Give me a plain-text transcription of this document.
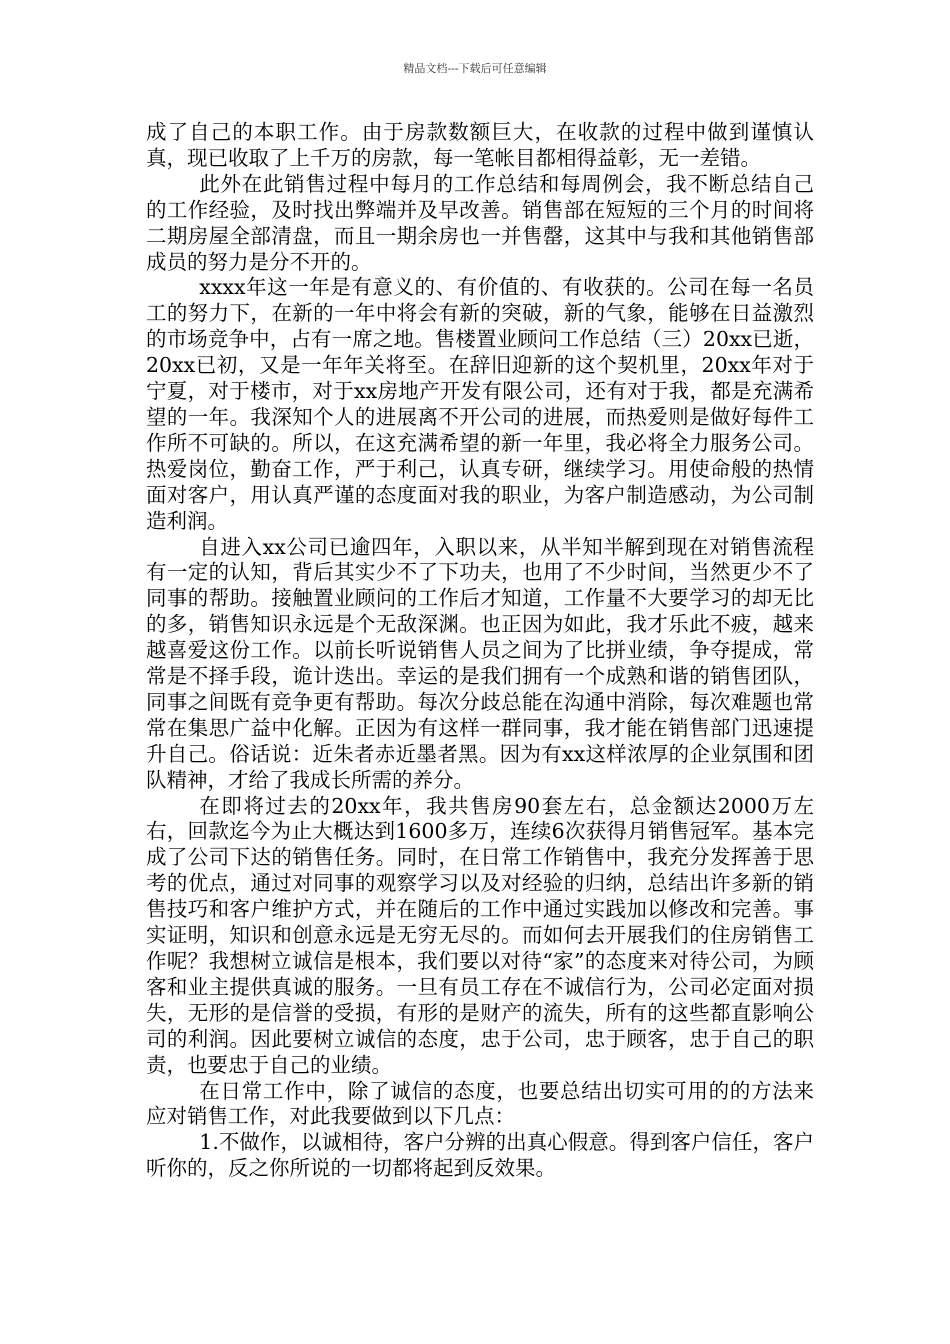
精品文档---下载后可任意编辑

成了自己的本职工作。由于房款数额巨大，在收款的过程中做到谨慎认真，现已收取了上千万的房款，每一笔帐目都相得益彰，无一差错。

此外在此销售过程中每月的工作总结和每周例会，我不断总结自己的工作经验，及时找出弊端并及早改善。销售部在短短的三个月的时间将二期房屋全部清盘，而且一期余房也一并售罄，这其中与我和其他销售部成员的努力是分不开的。

xxxx年这一年是有意义的、有价值的、有收获的。公司在每一名员工的努力下，在新的一年中将会有新的突破，新的气象，能够在日益激烈的市场竞争中，占有一席之地。售楼置业顾问工作总结（三）20xx已逝，20xx已初，又是一年年关将至。在辞旧迎新的这个契机里，20xx年对于宁夏，对于楼市，对于xx房地产开发有限公司，还有对于我，都是充满希望的一年。我深知个人的进展离不开公司的进展，而热爱则是做好每件工作所不可缺的。所以，在这充满希望的新一年里，我必将全力服务公司。热爱岗位，勤奋工作，严于利己，认真专研，继续学习。用使命般的热情面对客户，用认真严谨的态度面对我的职业，为客户制造感动，为公司制造利润。

自进入xx公司已逾四年，入职以来，从半知半解到现在对销售流程有一定的认知，背后其实少不了下功夫，也用了不少时间，当然更少不了同事的帮助。接触置业顾问的工作后才知道，工作量不大要学习的却无比的多，销售知识永远是个无敌深渊。也正因为如此，我才乐此不疲，越来越喜爱这份工作。以前长听说销售人员之间为了比拼业绩，争夺提成，常常是不择手段，诡计迭出。幸运的是我们拥有一个成熟和谐的销售团队，同事之间既有竞争更有帮助。每次分歧总能在沟通中消除，每次难题也常常在集思广益中化解。正因为有这样一群同事，我才能在销售部门迅速提升自己。俗话说：近朱者赤近墨者黑。因为有xx这样浓厚的企业氛围和团队精神，才给了我成长所需的养分。

在即将过去的20xx年，我共售房90套左右，总金额达2000万左右，回款迄今为止大概达到1600多万，连续6次获得月销售冠军。基本完成了公司下达的销售任务。同时，在日常工作销售中，我充分发挥善于思考的优点，通过对同事的观察学习以及对经验的归纳，总结出许多新的销售技巧和客户维护方式，并在随后的工作中通过实践加以修改和完善。事实证明，知识和创意永远是无穷无尽的。而如何去开展我们的住房销售工作呢？我想树立诚信是根本，我们要以对待“家”的态度来对待公司，为顾客和业主提供真诚的服务。一旦有员工存在不诚信行为，公司必定面对损失，无形的是信誉的受损，有形的是财产的流失，所有的这些都直影响公司的利润。因此要树立诚信的态度，忠于公司，忠于顾客，忠于自己的职责，也要忠于自己的业绩。

在日常工作中，除了诚信的态度，也要总结出切实可用的的方法来应对销售工作，对此我要做到以下几点：

1.不做作，以诚相待，客户分辨的出真心假意。得到客户信任，客户听你的，反之你所说的一切都将起到反效果。
